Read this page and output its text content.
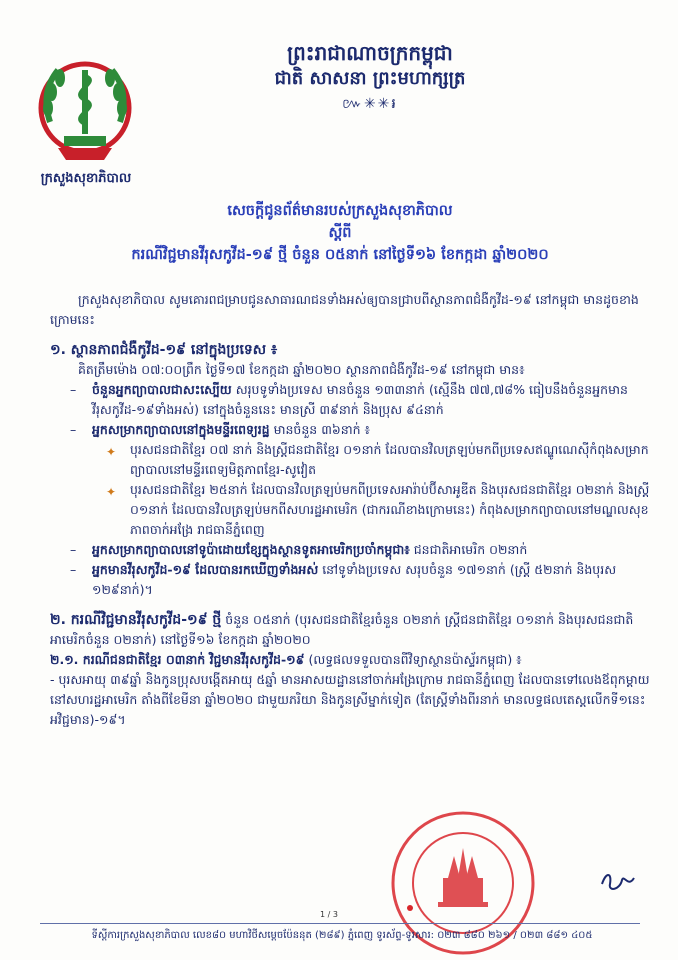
ក្រសួងសុខាភិបាល
ព្រះរាជាណាចក្រកម្ពុជា
ជាតិ សាសនា ព្រះមហាក្សត្រ
៚✳✳៛
សេចក្តីជូនព័ត៌មានរបស់ក្រសួងសុខាភិបាល
ស្តីពី
ករណីវិជ្ជមានវីរុសកូវីដ-១៩ ថ្មី ចំនួន ០៥នាក់ នៅថ្ងៃទី១៦ ខែកក្កដា ឆ្នាំ២០២០

ក្រសួងសុខាភិបាល សូមគោរពជម្រាបជូនសាធារណជនទាំងអស់ឲ្យបានជ្រាបពីស្ថានភាពជំងឺកូវីដ-១៩ នៅកម្ពុជា មានដូចខាងក្រោមនេះ

១. ស្ថានភាពជំងឺកូវីដ-១៩ នៅក្នុងប្រទេស ៖

គិតត្រឹមម៉ោង ០៧:០០ព្រឹក ថ្ងៃទី១៧ ខែកក្កដា ឆ្នាំ២០២០ ស្ថានភាពជំងឺកូវីដ-១៩ នៅកម្ពុជា មាន៖

– ចំនួនអ្នកព្យាបាលជាសះស្បើយ សរុបទូទាំងប្រទេស មានចំនួន ១៣៣នាក់ (ស្មើនឹង ៧៧,៧៨% ធៀបនឹងចំនួនអ្នកមានវីរុសកូវីដ-១៩ទាំងអស់) នៅក្នុងចំនួននេះ មានស្រី ៣៩នាក់ និងប្រុស ៩៤នាក់
– អ្នកសម្រាកព្យាបាលនៅក្នុងមន្ទីរពេទ្យរដ្ឋ មានចំនួន ៣៦នាក់ ៖
✦ បុរសជនជាតិខ្មែរ ០៧ នាក់ និងស្ត្រីជនជាតិខ្មែរ ០១នាក់ ដែលបានវិលត្រឡប់មកពីប្រទេសឥណ្ឌូណេស៊ីកំពុងសម្រាកព្យាបាលនៅមន្ទីរពេទ្យមិត្តភាពខ្មែរ-សូវៀត
✦ បុរសជនជាតិខ្មែរ ២៥នាក់ ដែលបានវិលត្រឡប់មកពីប្រទេសអារ៉ាប់ប៊ីសាអូឌីត និងបុរសជនជាតិខ្មែរ ០២នាក់ និងស្ត្រី ០១នាក់ ដែលបានវិលត្រឡប់មកពីសហរដ្ឋអាមេរិក (ជាករណីខាងក្រោមនេះ) កំពុងសម្រាកព្យាបាលនៅមណ្ឌលសុខភាពចាក់អង្រែ រាជធានីភ្នំពេញ
– អ្នកសម្រាកព្យាបាលនៅទូប៉ាដោយខ្សែក្នុងស្ថានទូតអាមេរិកប្រចាំកម្ពុជា៖ ជនជាតិអាមេរិក ០២នាក់
– អ្នកមានវីរុសកូវីដ-១៩ ដែលបានរកឃើញទាំងអស់ នៅទូទាំងប្រទេស សរុបចំនួន ១៧១នាក់ (ស្ត្រី ៥២នាក់ និងបុរស ១២៩នាក់)។

២. ករណីវិជ្ជមានវីរុសកូវីដ-១៩ ថ្មី ចំនួន ០៥នាក់ (បុរសជនជាតិខ្មែរចំនួន ០២នាក់ ស្ត្រីជនជាតិខ្មែរ ០១នាក់ និងបុរសជនជាតិអាមេរិកចំនួន ០២នាក់) នៅថ្ងៃទី១៦ ខែកក្កដា ឆ្នាំ២០២០

២.១. ករណីជនជាតិខ្មែរ ០៣នាក់ វិជ្ជមានវីរុសកូវីដ-១៩ (លទ្ធផលទទួលបានពីវិទ្យាស្ថានប៉ាស្ទ័រកម្ពុជា) ៖

- បុរសអាយុ ៣៩ឆ្នាំ និងកូនប្រុសបង្កើតអាយុ ៥ឆ្នាំ មានអាសយដ្ឋាននៅចាក់អង្រែក្រោម រាជធានីភ្នំពេញ ដែលបានទៅលេងឪពុកម្តាយនៅសហរដ្ឋអាមេរិក តាំងពីខែមីនា ឆ្នាំ២០២០ ជាមួយភរិយា និងកូនស្រីម្នាក់ទៀត (តែស្ត្រីទាំងពីរនាក់ មានលទ្ធផលតេស្តលើកទី១នេះ អវិជ្ជមាន)-១៩។

1 / 3
ទីស្តីការក្រសួងសុខាភិបាល លេខ៨០ មហាវិថីសម្តេចប៉ែននុត (២៨៩) ភ្នំពេញ ទូរស័ព្ទ-ទូរសារ: ០២៣ ៨៨០ ២៦១ / ០២៣ ៨៨១ ៤០៥
